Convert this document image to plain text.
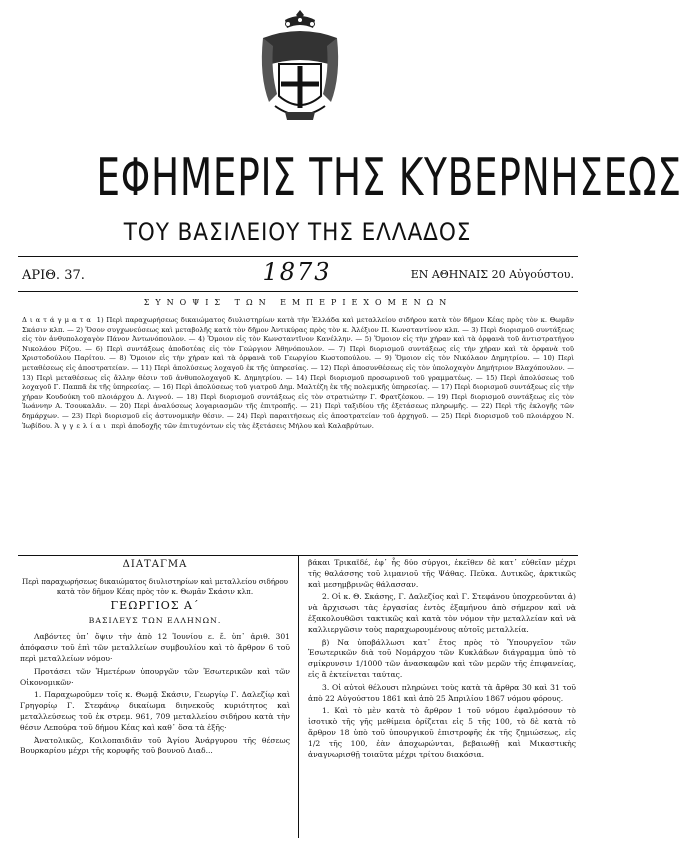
ΕΦΗΜΕΡΙΣ ΤΗΣ ΚΥΒΕΡΝΗΣΕΩΣ
ΤΟΥ ΒΑΣΙΛΕΙΟΥ ΤΗΣ ΕΛΛΑΔΟΣ
ΑΡΙΘ. 37.	1873	ΕΝ ΑΘΗΝΑΙΣ 20 Αὐγούστου.
ΣΥΝΟΨΙΣ ΤΩΝ ΕΜΠΕΡΙΕΧΟΜΕΝΩΝ
Διατάγματα 1) Περὶ παραχωρήσεως δικαιώματος διυλιστηρίων κατὰ τὴν Ἑλλάδα καὶ μεταλλείου σιδήρου κατὰ τὸν δῆμον Κέας πρὸς τὸν κ. Θωμᾶν Σκάσιν κλπ. — 2) Ὅσον συγχωνεύσεως καὶ μεταβολῆς κατὰ τὸν δῆμον Ἀντικύρας πρὸς τὸν κ. Ἀλέξιον Π. Κωνσταντίνον κλπ. — 3) Περὶ διορισμοῦ συντάξεως εἰς τὸν ἀνθυπολοχαγὸν Πάνον Ἀντωνόπουλον. — 4) Ὅμοιον εἰς τὸν Κωνσταντῖνον Κανέλλην. — 5) Ὅμοιον εἰς τὴν χήραν καὶ τὰ ὀρφανὰ τοῦ ἀντιστρατήγου Νικολάου Ρίζου. — 6) Περὶ συντάξεως ἀποδοτέας εἰς τὸν Γεώργιον Ἀθηνόπουλον. — 7) Περὶ διορισμοῦ συντάξεως εἰς τὴν χήραν καὶ τὰ ὀρφανὰ τοῦ Χριστοδούλου Παρίτου. — 8) Ὅμοιον εἰς τὴν χήραν καὶ τὰ ὀρφανὰ τοῦ Γεωργίου Κωστοπούλου. — 9) Ὅμοιον εἰς τὸν Νικόλαον Δημητρίου. — 10) Περὶ μεταθέσεως εἰς ἀποστρατείαν. — 11) Περὶ ἀπολύσεως λοχαγοῦ ἐκ τῆς ὑπηρεσίας. — 12) Περὶ ἀποσυνθέσεως εἰς τὸν ὑπολοχαγὸν Δημήτριον Βλαχόπουλον. — 13) Περὶ μεταθέσεως εἰς ἄλλην θέσιν τοῦ ἀνθυπολοχαγοῦ Κ. Δημητρίου. — 14) Περὶ διορισμοῦ προσωρινοῦ τοῦ γραμματέως. — 15) Περὶ ἀπολύσεως τοῦ λοχαγοῦ Γ. Παππᾶ ἐκ τῆς ὑπηρεσίας. — 16) Περὶ ἀπολύσεως τοῦ γιατροῦ Δημ. Μαλτέζη ἐκ τῆς πολεμικῆς ὑπηρεσίας. — 17) Περὶ διορισμοῦ συντάξεως εἰς τὴν χήραν Κουδούκη τοῦ πλοιάρχου Δ. Λιγνού. — 18) Περὶ διορισμοῦ συντάξεως εἰς τὸν στρατιώτην Γ. Φρατζέσκου. — 19) Περὶ διορισμοῦ συντάξεως εἰς τὸν Ἰωάννην Α. Τσουκαλᾶν. — 20) Περὶ ἀναλύσεως λογαριασμῶν τῆς ἐπιτροπῆς. — 21) Περὶ ταξιδίου τῆς ἐξετάσεως πληρωμῆς. — 22) Περὶ τῆς ἐκλογῆς τῶν δημάρχων. — 23) Περὶ διορισμοῦ εἰς ἀστυνομικὴν θέσιν. — 24) Περὶ παραιτήσεως εἰς ἀποστρατείαν τοῦ ἀρχηγοῦ. — 25) Περὶ διορισμοῦ τοῦ πλοιάρχου Ν. Ἰωβίδου. Ἀγγελίαι περὶ ἀποδοχῆς τῶν ἐπιτυχόντων εἰς τὰς ἐξετάσεις Μήλου καὶ Καλαβρύτων.
ΔΙΑΤΑΓΜΑ
Περὶ παραχωρήσεως δικαιώματος διυλιστηρίων καὶ μεταλλείου σιδήρου κατὰ τὸν δῆμον Κέας πρὸς τὸν κ. Θωμᾶν Σκάσιν κλπ.
ΓΕΩΡΓΙΟΣ Α΄
ΒΑΣΙΛΕΥΣ ΤΩΝ ΕΛΛΗΝΩΝ.

Λαβόντες ὑπ᾽ ὄψιν τὴν ἀπὸ 12 Ἰουνίου ε. ἔ. ὑπ᾽ ἀριθ. 301 ἀπόφασιν τοῦ ἐπὶ τῶν μεταλλείων συμβουλίου καὶ τὸ ἄρθρον 6 τοῦ περὶ μεταλλείων νόμου·

Προτάσει τῶν Ἡμετέρων ὑπουργῶν τῶν Ἐσωτερικῶν καὶ τῶν Οἰκονομικῶν·

1. Παραχωροῦμεν τοῖς κ. Θωμᾷ Σκάσιν, Γεωργίῳ Γ. Δαλεζίῳ καὶ Γρηγορίῳ Γ. Στεφάνῳ δικαίωμα διηνεκοῦς κυριότητος καὶ μεταλλεύσεως τοῦ ἐκ στρεμ. 961, 709 μεταλλείου σιδήρου κατὰ τὴν θέσιν Λεπούρα τοῦ δήμου Κέας καὶ καθ᾽ ὅσα τὰ ἑξῆς·

Ἀνατολικῶς, Κοιλοπαιδιᾶν τοῦ Ἁγίου Ἀνάργυρου τῆς θέσεως Βουρκαρίου μέχρι τῆς κορυφῆς τοῦ βουνοῦ Διαδ...

βάκαι Τρικαϊδέ, ἐφ᾽ ἧς δύο σύργοι, ἐκεῖθεν δὲ κατ᾽ εὐθεῖαν μέχρι τῆς θαλάσσης τοῦ λιμανιοῦ τῆς Ψάθας. Πεῦκα. Δυτικῶς, ἀρκτικῶς καὶ μεσημβρινῶς θάλασσαν.

2. Οἱ κ. Θ. Σκάσης, Γ. Δαλεζίος καὶ Γ. Στεφάνου ὑποχρεοῦνται ἀ) νὰ ἄρχισωσι τὰς ἐργασίας ἐντὸς ἑξαμήνου ἀπὸ σήμερον καὶ νὰ ἐξακολουθῶσι τακτικῶς καὶ κατὰ τὸν νόμον τὴν μεταλλείαν καὶ νὰ καλλιεργῶσιν τοὺς παραχωρουμένους αὐτοῖς μεταλλεία.

β) Να ὑποβάλλωσι κατ᾽ ἔτος πρὸς τὸ Ὑπουργεῖον τῶν Ἐσωτερικῶν διὰ τοῦ Νομάρχου τῶν Κυκλάδων διάγραμμα ὑπὸ τὸ σμίκρυνσιν 1/1000 τῶν ἀνασκαφῶν καὶ τῶν μερῶν τῆς ἐπιφανείας, εἰς ἃ ἐκτείνεται ταύτας.

3. Οἱ αὐτοὶ θέλουσι πληρώνει τοὺς κατὰ τὰ ἄρθρα 30 καὶ 31 τοῦ ἀπὸ 22 Αὐγούστου 1861 καὶ ἀπὸ 25 Ἀπριλίου 1867 νόμου φόρους.

1. Καὶ τὸ μὲν κατὰ τὸ ἄρθρον 1 τοῦ νόμου ἐφαλμόσουν τὸ ἰσοτικὸ τῆς γῆς μεθίμεια ὁρίζεται εἰς 5 τῆς 100, τὸ δὲ κατὰ τὸ ἄρθρον 18 ὑπὸ τοῦ ὑπουργικοῦ ἐπιστροφῆς ἐκ τῆς ζημιώσεως, εἰς 1/2 τῆς 100, ἐὰν ἀποχωρώνται, βεβαιωθῇ καὶ Μικαστικὴς ἀναγνωρισθῇ τοιαῦτα μέχρι τρίτου διακόσια.
